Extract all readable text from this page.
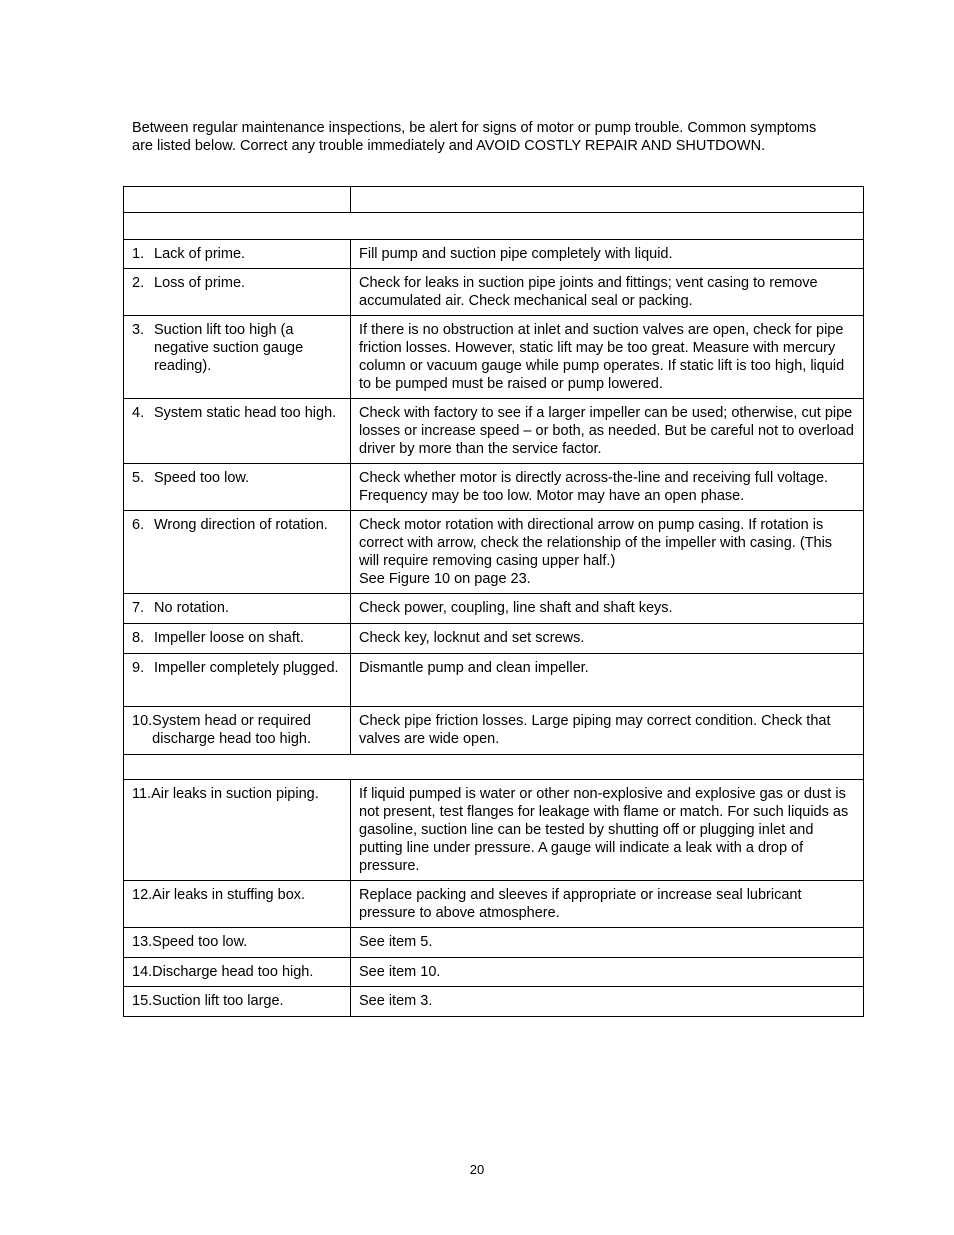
Between regular maintenance inspections, be alert for signs of motor or pump trouble. Common symptoms are listed below. Correct any trouble immediately and AVOID COSTLY REPAIR AND SHUTDOWN.

1. Lack of prime.	Fill pump and suction pipe completely with liquid.

2. Loss of prime.	Check for leaks in suction pipe joints and fittings; vent casing to remove accumulated air. Check mechanical seal or packing.

3. Suction lift too high (a negative suction gauge reading).	If there is no obstruction at inlet and suction valves are open, check for pipe friction losses. However, static lift may be too great. Measure with mercury column or vacuum gauge while pump operates. If static lift is too high, liquid to be pumped must be raised or pump lowered.

4. System static head too high.	Check with factory to see if a larger impeller can be used; otherwise, cut pipe losses or increase speed – or both, as needed. But be careful not to overload driver by more than the service factor.

5. Speed too low.	Check whether motor is directly across-the-line and receiving full voltage. Frequency may be too low. Motor may have an open phase.

6. Wrong direction of rotation.	Check motor rotation with directional arrow on pump casing. If rotation is correct with arrow, check the relationship of the impeller with casing. (This will require removing casing upper half.)
See Figure 10 on page 23.

7. No rotation.	Check power, coupling, line shaft and shaft keys.

8. Impeller loose on shaft.	Check key, locknut and set screws.

9. Impeller completely plugged.	Dismantle pump and clean impeller.

10. System head or required discharge head too high.	Check pipe friction losses. Large piping may correct condition. Check that valves are wide open.

11. Air leaks in suction piping.	If liquid pumped is water or other non-explosive and explosive gas or dust is not present, test flanges for leakage with flame or match. For such liquids as gasoline, suction line can be tested by shutting off or plugging inlet and putting line under pressure. A gauge will indicate a leak with a drop of pressure.

12. Air leaks in stuffing box.	Replace packing and sleeves if appropriate or increase seal lubricant pressure to above atmosphere.

13. Speed too low.	See item 5.

14. Discharge head too high.	See item 10.

15. Suction lift too large.	See item 3.
20
